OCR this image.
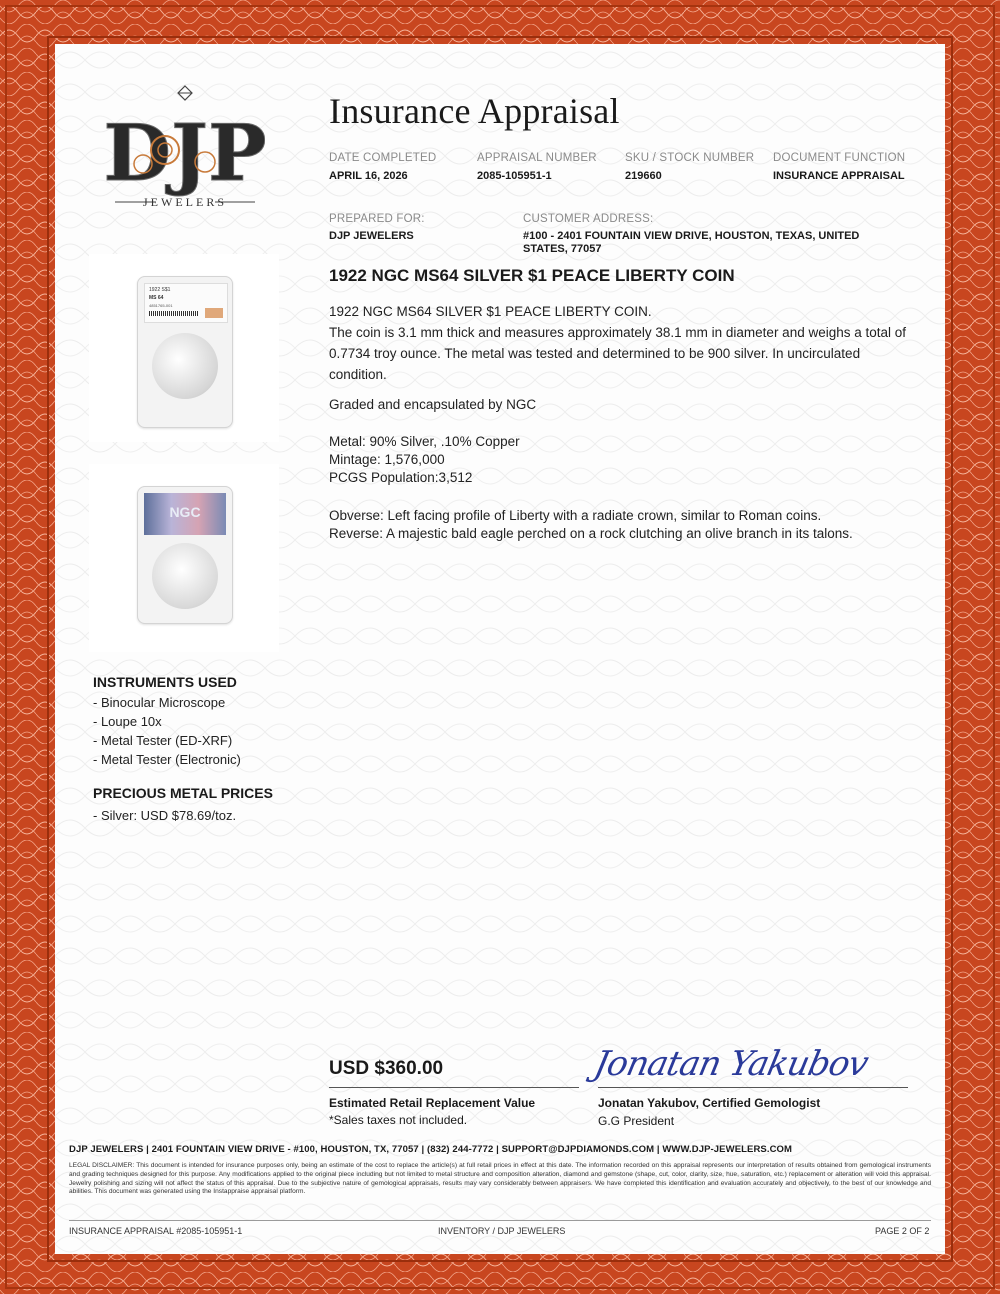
DJP
JEWELERS
Insurance Appraisal
DATE COMPLETED
APRIL 16, 2026
APPRAISAL NUMBER
2085-105951-1
SKU / STOCK NUMBER
219660
DOCUMENT FUNCTION
INSURANCE APPRAISAL
PREPARED FOR:
DJP JEWELERS
CUSTOMER ADDRESS:
#100 - 2401 FOUNTAIN VIEW DRIVE, HOUSTON, TEXAS, UNITED STATES, 77057
1922 NGC MS64 SILVER $1 PEACE LIBERTY COIN
1922 NGC MS64 SILVER $1 PEACE LIBERTY COIN.
The coin is 3.1 mm thick and measures approximately 38.1 mm in diameter and weighs a total of 0.7734 troy ounce. The metal was tested and determined to be 900 silver. In uncirculated condition.
Graded and encapsulated by NGC
Metal: 90% Silver, .10% Copper
Mintage: 1,576,000
PCGS Population:3,512
Obverse: Left facing profile of Liberty with a radiate crown, similar to Roman coins.
Reverse: A majestic bald eagle perched on a rock clutching an olive branch in its talons.
1922 S$1
MS 64
4851765-001
NGC
INSTRUMENTS USED
- Binocular Microscope
- Loupe 10x
- Metal Tester (ED-XRF)
- Metal Tester (Electronic)
PRECIOUS METAL PRICES
- Silver: USD $78.69/toz.
USD $360.00
Estimated Retail Replacement Value
*Sales taxes not included.
Jonatan Yakubov
Jonatan Yakubov, Certified Gemologist
G.G President
DJP JEWELERS | 2401 FOUNTAIN VIEW DRIVE - #100, HOUSTON, TX, 77057 | (832) 244-7772 | SUPPORT@DJPDIAMONDS.COM | WWW.DJP-JEWELERS.COM
LEGAL DISCLAIMER: This document is intended for insurance purposes only, being an estimate of the cost to replace the article(s) at full retail prices in effect at this date. The information recorded on this appraisal represents our interpretation of results obtained from gemological instruments and grading techniques designed for this purpose. Any modifications applied to the original piece including but not limited to metal structure and composition alteration, diamond and gemstone (shape, cut, color, clarity, size, hue, saturation, etc.) replacement or alteration will void this appraisal. Jewelry polishing and sizing will not affect the status of this appraisal. Due to the subjective nature of gemological appraisals, results may vary considerably between appraisers. We have completed this identification and evaluation accurately and objectively, to the best of our knowledge and abilities. This document was generated using the Instappraise appraisal platform.
INSURANCE APPRAISAL #2085-105951-1	INVENTORY / DJP JEWELERS	PAGE 2 OF 2
